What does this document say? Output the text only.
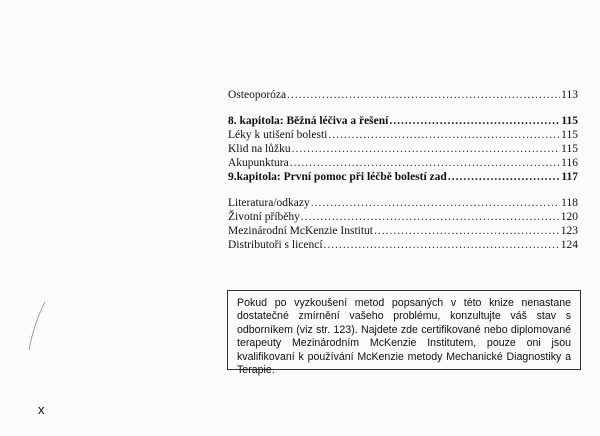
Osteoporóza .....	113
8. kapitola: Běžná léčiva a řešení .....	115
Léky k utišení bolesti .....	115
Klid na lůžku .....	115
Akupunktura .....	116
9.kapitola: První pomoc při léčbě bolestí zad .....	117
Literatura/odkazy .....	118
Životní příběhy .....	120
Mezinárodní McKenzie Institut .....	123
Distributoři s licencí .....	124
Pokud po vyzkoušení metod popsaných v této knize nenastane dostatečné zmírnění vašeho problému, konzultujte váš stav s odborníkem (viz str. 123). Najdete zde certifikované nebo diplomované terapeuty Mezinárodním McKenzie Institutem, pouze oni jsou kvalifikovaní k používání McKenzie metody Mechanické Diagnostiky a Terapie.
x
